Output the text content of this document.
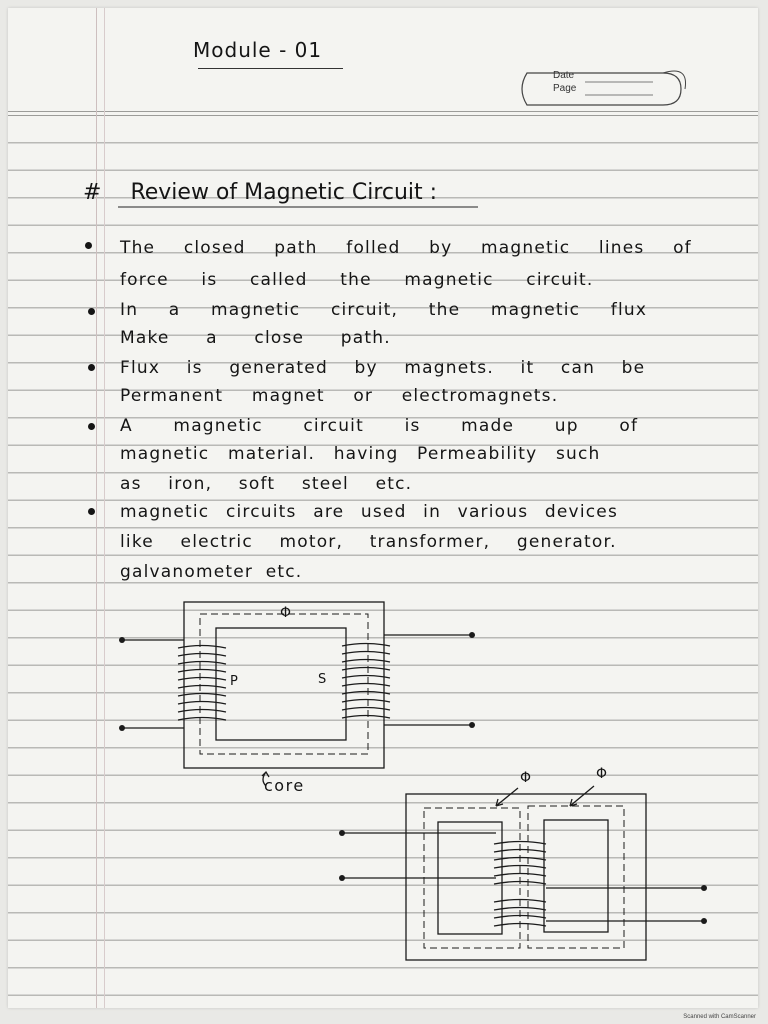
Module - 01
Date
Page
# Review of Magnetic Circuit :
The closed path folled by magnetic lines of
force is called the magnetic circuit.
In a magnetic circuit, the magnetic flux
Make a close path.
Flux is generated by magnets. it can be
Permanent magnet or electromagnets.
A magnetic circuit is made up of
magnetic material. having Permeability such
as iron, soft steel etc.
magnetic circuits are used in various devices
like electric motor, transformer, generator.
galvanometer etc.
Φ
P	S
core	Φ	Φ
Scanned with CamScanner
